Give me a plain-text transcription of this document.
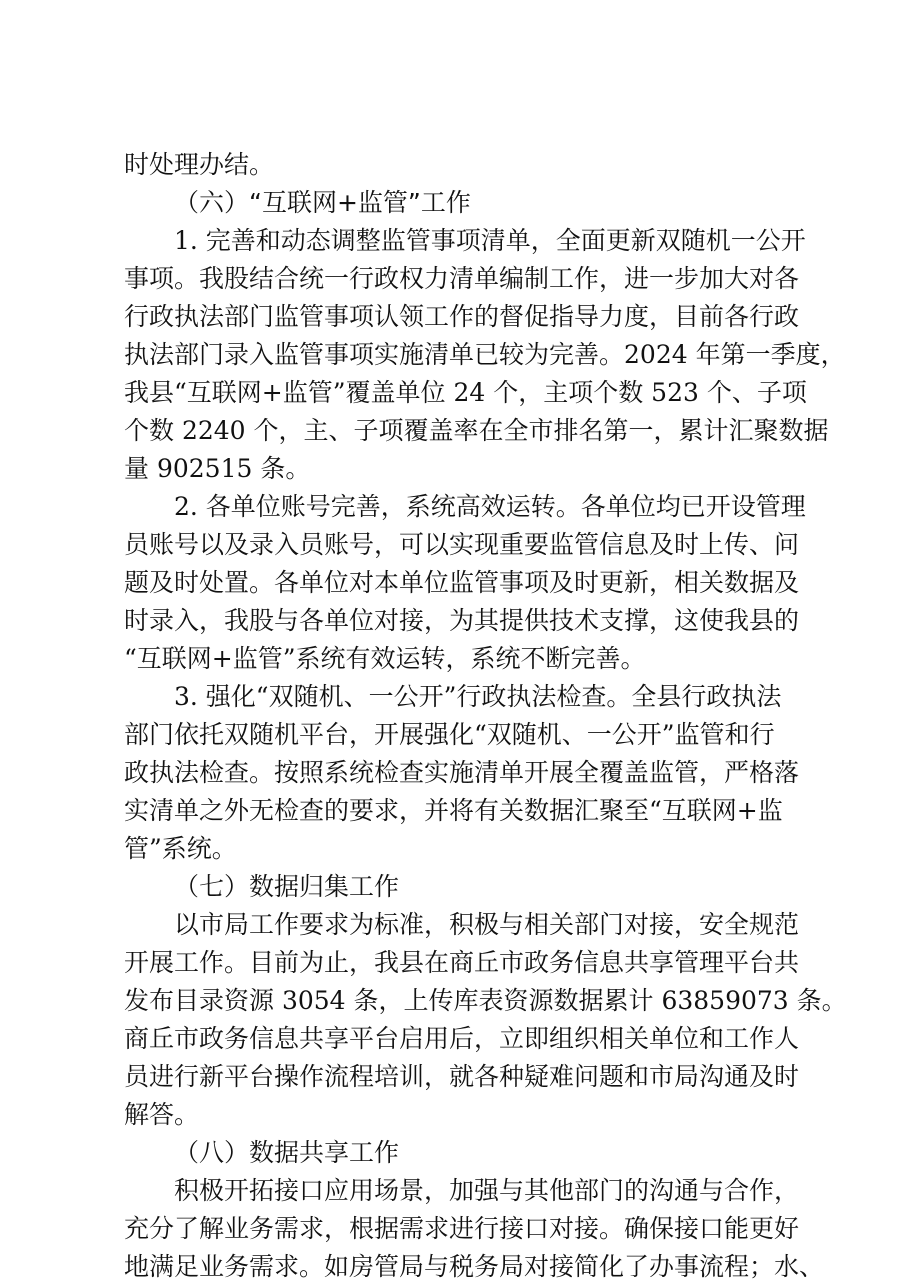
时处理办结。
（六）“互联网+监管”工作
1. 完善和动态调整监管事项清单，全面更新双随机一公开
事项。我股结合统一行政权力清单编制工作，进一步加大对各
行政执法部门监管事项认领工作的督促指导力度，目前各行政
执法部门录入监管事项实施清单已较为完善。2024 年第一季度，
我县“互联网+监管”覆盖单位 24 个，主项个数 523 个、子项
个数 2240 个，主、子项覆盖率在全市排名第一，累计汇聚数据
量 902515 条。
2. 各单位账号完善，系统高效运转。各单位均已开设管理
员账号以及录入员账号，可以实现重要监管信息及时上传、问
题及时处置。各单位对本单位监管事项及时更新，相关数据及
时录入，我股与各单位对接，为其提供技术支撑，这使我县的
“互联网+监管”系统有效运转，系统不断完善。
3. 强化“双随机、一公开”行政执法检查。全县行政执法
部门依托双随机平台，开展强化“双随机、一公开”监管和行
政执法检查。按照系统检查实施清单开展全覆盖监管，严格落
实清单之外无检查的要求，并将有关数据汇聚至“互联网+监
管”系统。
（七）数据归集工作
以市局工作要求为标准，积极与相关部门对接，安全规范
开展工作。目前为止，我县在商丘市政务信息共享管理平台共
发布目录资源 3054 条，上传库表资源数据累计 63859073 条。
商丘市政务信息共享平台启用后，立即组织相关单位和工作人
员进行新平台操作流程培训，就各种疑难问题和市局沟通及时
解答。
（八）数据共享工作
积极开拓接口应用场景，加强与其他部门的沟通与合作，
充分了解业务需求，根据需求进行接口对接。确保接口能更好
地满足业务需求。如房管局与税务局对接简化了办事流程；水、
